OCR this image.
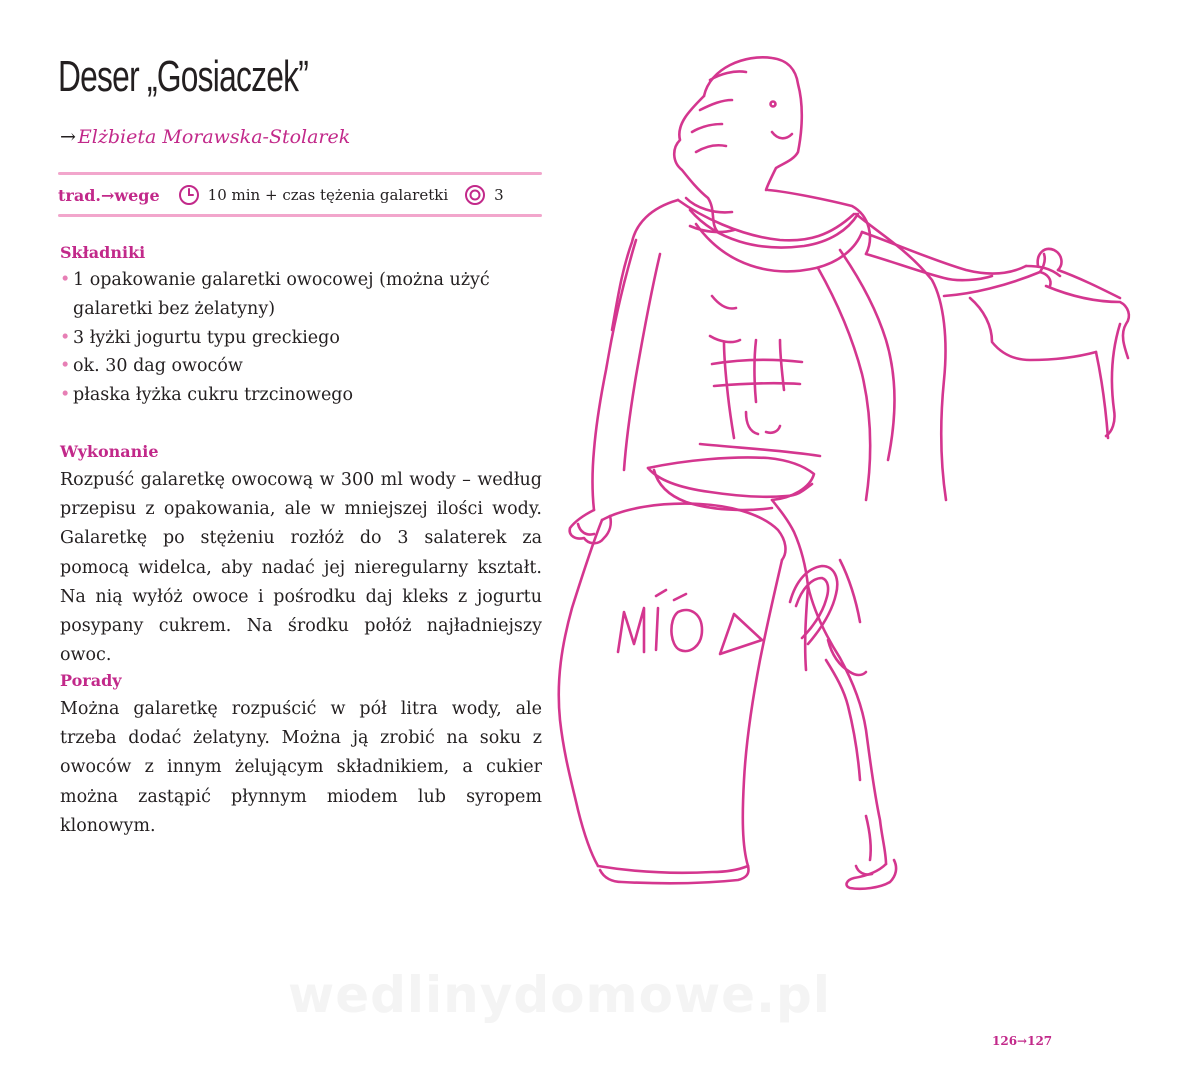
Deser „Gosiaczek”
→ Elżbieta Morawska-Stolarek
trad.→wege	10 min + czas tężenia galaretki	3
Składniki
• 1 opakowanie galaretki owocowej (można użyć galaretki bez żelatyny)
• 3 łyżki jogurtu typu greckiego
• ok. 30 dag owoców
• płaska łyżka cukru trzcinowego
Wykonanie

Rozpuść galaretkę owocową w 300 ml wody – według przepisu z opakowania, ale w mniejszej ilości wody. Galaretkę po stężeniu rozłóż do 3 salaterek za pomocą widelca, aby nadać jej nieregularny kształt. Na nią wyłóż owoce i pośrodku daj kleks z jogurtu posypany cukrem. Na środku połóż najładniejszy owoc.

Porady

Można galaretkę rozpuścić w pół litra wody, ale trzeba dodać żelatyny. Można ją zrobić na soku z owoców z innym żelującym składnikiem, a cukier można zastąpić płynnym miodem lub syropem klonowym.

wedlinydomowe.pl
126→127
